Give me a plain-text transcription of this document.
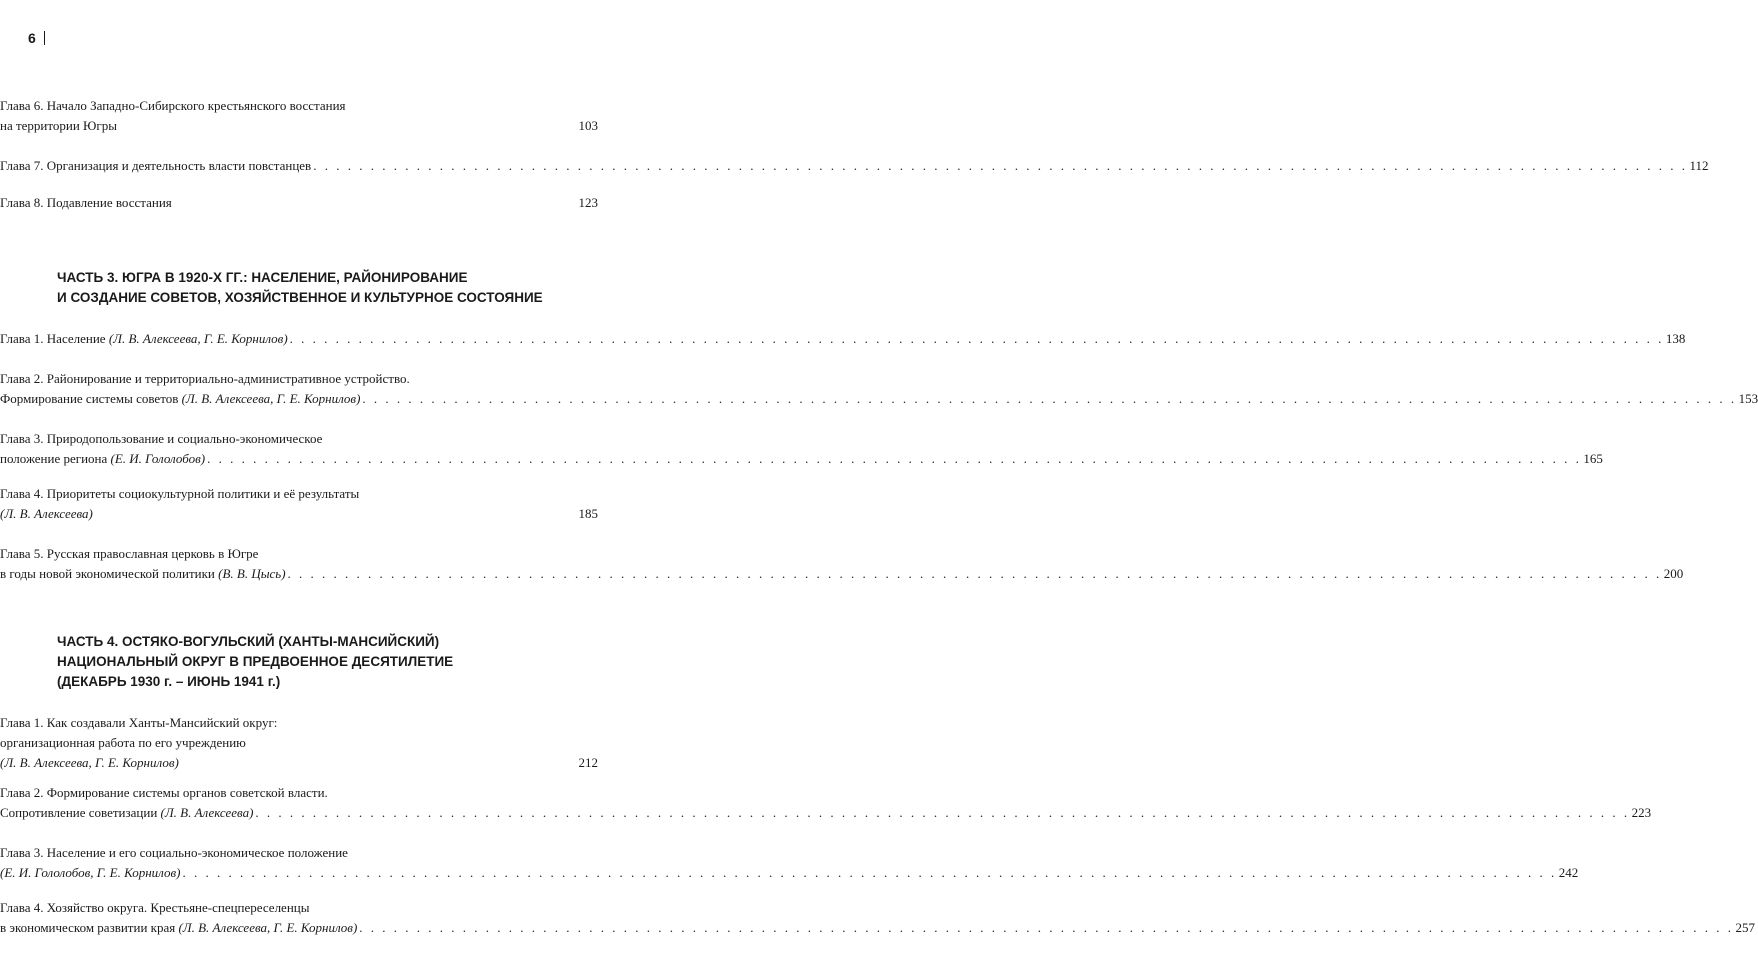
6
Глава 6. Начало Западно-Сибирского крестьянского восстания
на территории Югры	103
Глава 7. Организация и деятельность власти повстанцев . . . . . . . . . . . . . . . . . . . . . . . . . . . . . . . . . . . . . . . . . . . . . . . . . . . . . . . . . . . . . . . . . . . . . . . . . . . . . . . . . . . . . . . . . . . . . . . . . . . . . . . . . . . . . . . . . . . . . . . . 112
Глава 8. Подавление восстания	123
ЧАСТЬ 3. ЮГРА В 1920-Х ГГ.: НАСЕЛЕНИЕ, РАЙОНИРОВАНИЕ
И СОЗДАНИЕ СОВЕТОВ, ХОЗЯЙСТВЕННОЕ И КУЛЬТУРНОЕ СОСТОЯНИЕ
Глава 1. Население (Л. В. Алексеева, Г. Е. Корнилов) . . . . . . . . . . . . . . . . . . . . . . . . . . . . . . . . . . . . . . . . . . . . . . . . . . . . . . . . . . . . . . . . . . . . . . . . . . . . . . . . . . . . . . . . . . . . . . . . . . . . . . . . . . . . . . . . . . . . . . . . 138
Глава 2. Районирование и территориально-административное устройство.
Формирование системы советов (Л. В. Алексеева, Г. Е. Корнилов) . . . . . . . . . . . . . . . . . . . . . . . . . . . . . . . . . . . . . . . . . . . . . . . . . . . . . . . . . . . . . . . . . . . . . . . . . . . . . . . . . . . . . . . . . . . . . . . . . . . . . . . . . . . . . . . . . . . . . . . . 153
Глава 3. Природопользование и социально-экономическое
положение региона (Е. И. Гололобов) . . . . . . . . . . . . . . . . . . . . . . . . . . . . . . . . . . . . . . . . . . . . . . . . . . . . . . . . . . . . . . . . . . . . . . . . . . . . . . . . . . . . . . . . . . . . . . . . . . . . . . . . . . . . . . . . . . . . . . . . 165
Глава 4. Приоритеты социокультурной политики и её результаты
(Л. В. Алексеева)	185
Глава 5. Русская православная церковь в Югре
в годы новой экономической политики (В. В. Цысь) . . . . . . . . . . . . . . . . . . . . . . . . . . . . . . . . . . . . . . . . . . . . . . . . . . . . . . . . . . . . . . . . . . . . . . . . . . . . . . . . . . . . . . . . . . . . . . . . . . . . . . . . . . . . . . . . . . . . . . . . 200
ЧАСТЬ 4. ОСТЯКО-ВОГУЛЬСКИЙ (ХАНТЫ-МАНСИЙСКИЙ)
НАЦИОНАЛЬНЫЙ ОКРУГ В ПРЕДВОЕННОЕ ДЕСЯТИЛЕТИЕ
(ДЕКАБРЬ 1930 г. – ИЮНЬ 1941 г.)
Глава 1. Как создавали Ханты-Мансийский округ:
организационная работа по его учреждению
(Л. В. Алексеева, Г. Е. Корнилов)	212
Глава 2. Формирование системы органов советской власти.
Сопротивление советизации (Л. В. Алексеева) . . . . . . . . . . . . . . . . . . . . . . . . . . . . . . . . . . . . . . . . . . . . . . . . . . . . . . . . . . . . . . . . . . . . . . . . . . . . . . . . . . . . . . . . . . . . . . . . . . . . . . . . . . . . . . . . . . . . . . . . 223
Глава 3. Население и его социально-экономическое положение
(Е. И. Гололобов, Г. Е. Корнилов) . . . . . . . . . . . . . . . . . . . . . . . . . . . . . . . . . . . . . . . . . . . . . . . . . . . . . . . . . . . . . . . . . . . . . . . . . . . . . . . . . . . . . . . . . . . . . . . . . . . . . . . . . . . . . . . . . . . . . . . . 242
Глава 4. Хозяйство округа. Крестьяне-спецпереселенцы
в экономическом развитии края (Л. В. Алексеева, Г. Е. Корнилов) . . . . . . . . . . . . . . . . . . . . . . . . . . . . . . . . . . . . . . . . . . . . . . . . . . . . . . . . . . . . . . . . . . . . . . . . . . . . . . . . . . . . . . . . . . . . . . . . . . . . . . . . . . . . . . . . . . . . . . . . 257
